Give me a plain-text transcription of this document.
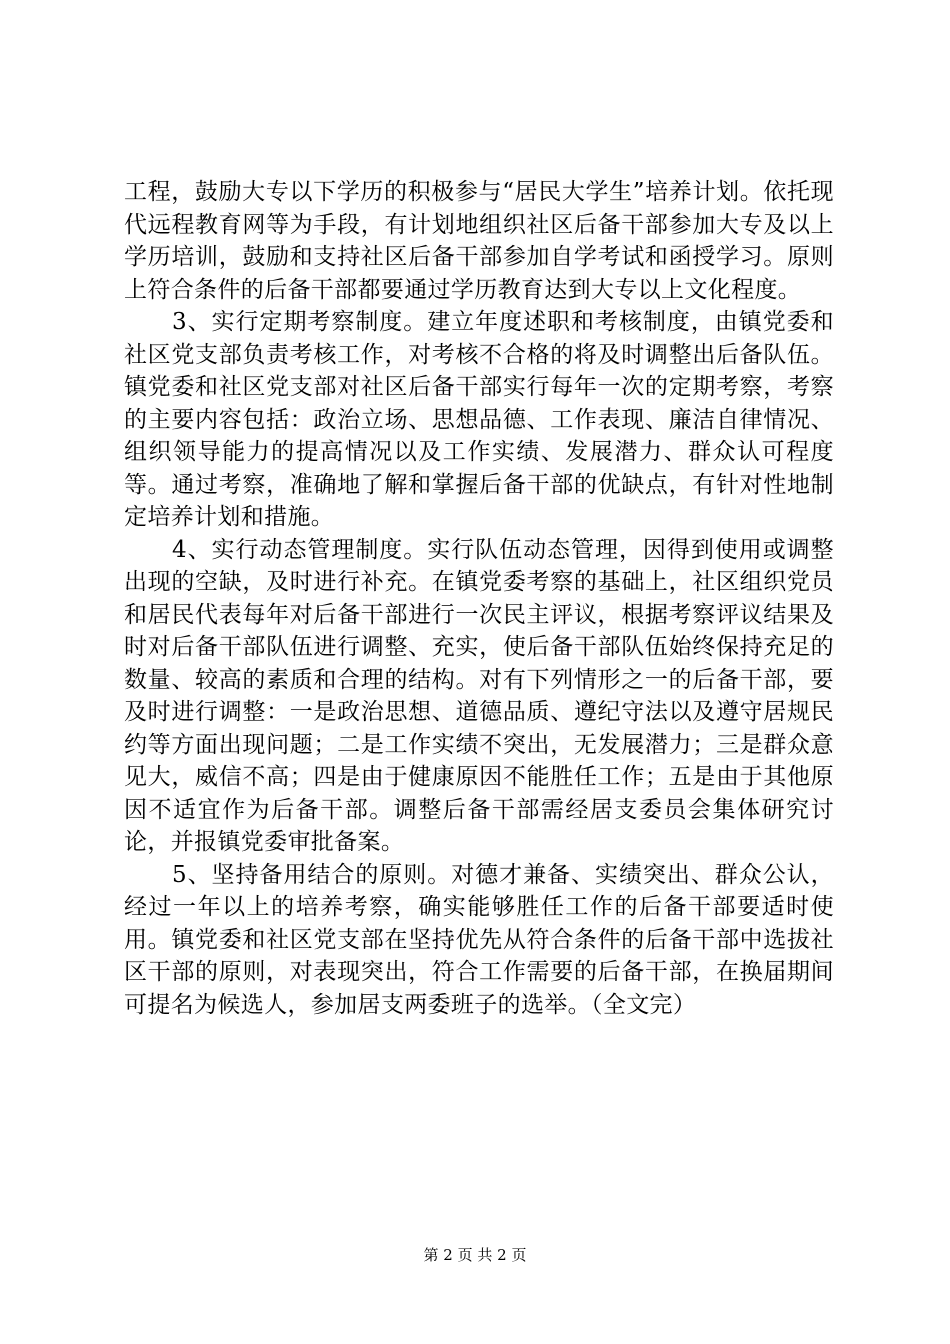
工程，鼓励大专以下学历的积极参与“居民大学生”培养计划。依托现代远程教育网等为手段，有计划地组织社区后备干部参加大专及以上学历培训，鼓励和支持社区后备干部参加自学考试和函授学习。原则上符合条件的后备干部都要通过学历教育达到大专以上文化程度。

3、实行定期考察制度。建立年度述职和考核制度，由镇党委和社区党支部负责考核工作，对考核不合格的将及时调整出后备队伍。镇党委和社区党支部对社区后备干部实行每年一次的定期考察，考察的主要内容包括：政治立场、思想品德、工作表现、廉洁自律情况、组织领导能力的提高情况以及工作实绩、发展潜力、群众认可程度等。通过考察，准确地了解和掌握后备干部的优缺点，有针对性地制定培养计划和措施。

4、实行动态管理制度。实行队伍动态管理，因得到使用或调整出现的空缺，及时进行补充。在镇党委考察的基础上，社区组织党员和居民代表每年对后备干部进行一次民主评议，根据考察评议结果及时对后备干部队伍进行调整、充实，使后备干部队伍始终保持充足的数量、较高的素质和合理的结构。对有下列情形之一的后备干部，要及时进行调整：一是政治思想、道德品质、遵纪守法以及遵守居规民约等方面出现问题；二是工作实绩不突出，无发展潜力；三是群众意见大，威信不高；四是由于健康原因不能胜任工作；五是由于其他原因不适宜作为后备干部。调整后备干部需经居支委员会集体研究讨论，并报镇党委审批备案。

5、坚持备用结合的原则。对德才兼备、实绩突出、群众公认，经过一年以上的培养考察，确实能够胜任工作的后备干部要适时使用。镇党委和社区党支部在坚持优先从符合条件的后备干部中选拔社区干部的原则，对表现突出，符合工作需要的后备干部，在换届期间可提名为候选人，参加居支两委班子的选举。（全文完）

第 2 页 共 2 页
